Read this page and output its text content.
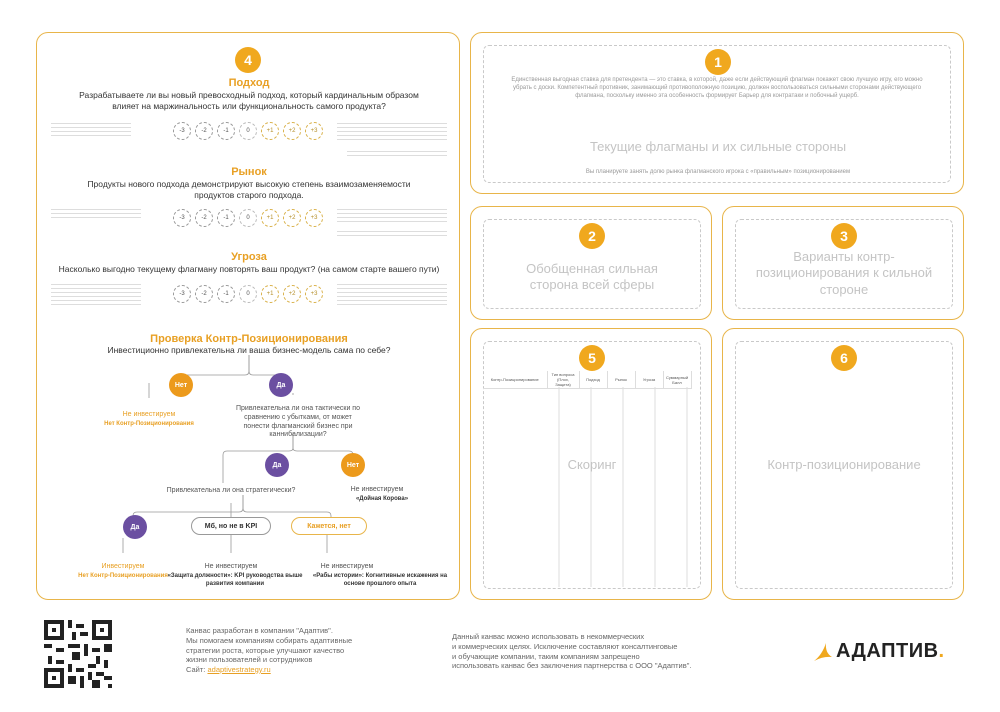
4
Подход
Разрабатываете ли вы новый превосходный подход, который кардинальным образом влияет на маржинальность или функциональность самого продукта?
-3	-2	-1	0	+1	+2	+3
Рынок
Продукты нового подхода демонстрируют высокую степень взаимозаменяемости продуктов старого подхода.
-3	-2	-1	0	+1	+2	+3
Угроза
Насколько выгодно текущему флагману повторять ваш продукт? (на самом старте вашего пути)
-3	-2	-1	0	+1	+2	+3
Проверка Контр-Позиционирования
Инвестиционно привлекательна ли ваша бизнес-модель сама по себе?
Нет	Да
Не инвестируем
Нет Контр-Позиционирования
Привлекательна ли она тактически по сравнению с убытками, от может понести флагманский бизнес при каннибализации?
Да	Нет
Не инвестируем
«Дойная Корова»
Привлекательна ли она стратегически?
Да	Мб, но не в KPI	Кажется, нет
Инвестируем
Нет Контр-Позиционирования
Не инвестируем
«Защита должности»: KPI руководства выше развития компании
Не инвестируем
«Рабы истории»: Когнитивные искажения на основе прошлого опыта
1
Единственная выгодная ставка для претендента — это ставка, в которой, даже если действующий флагман покажет свою лучшую игру, его можно убрать с доски. Компетентный противник, занимающий противоположную позицию, должен воспользоваться сильными сторонами действующего флагмана, поскольку именно эта особенность формирует Барьер для контратаки и побочный ущерб.
Текущие флагманы и их сильные стороны
Вы планируете занять долю рынка флагманского игрока с «правильным» позиционированием
2
Обобщенная сильная сторона всей сферы
3
Варианты контр-позиционирования к сильной стороне
5
Контр-Позиционирование	Тип вопроса (Плох, Защита)	Подход	Рынок	Угроза	Суммарный Балл
Скоринг
6
Контр-позиционирование
Канвас разработан в компании "Адаптив".
Мы помогаем компаниям собирать адаптивные
стратегии роста, которые улучшают качество
жизни пользователей и сотрудников
Сайт: adaptivestrategy.ru
Данный канвас можно использовать в некоммерческих
и коммерческих целях. Исключение составляют консалтинговые
и обучающие компании, таким компаниям запрещено
использовать канвас без заключения партнерства с ООО "Адаптив".
АДАПТИВ .
